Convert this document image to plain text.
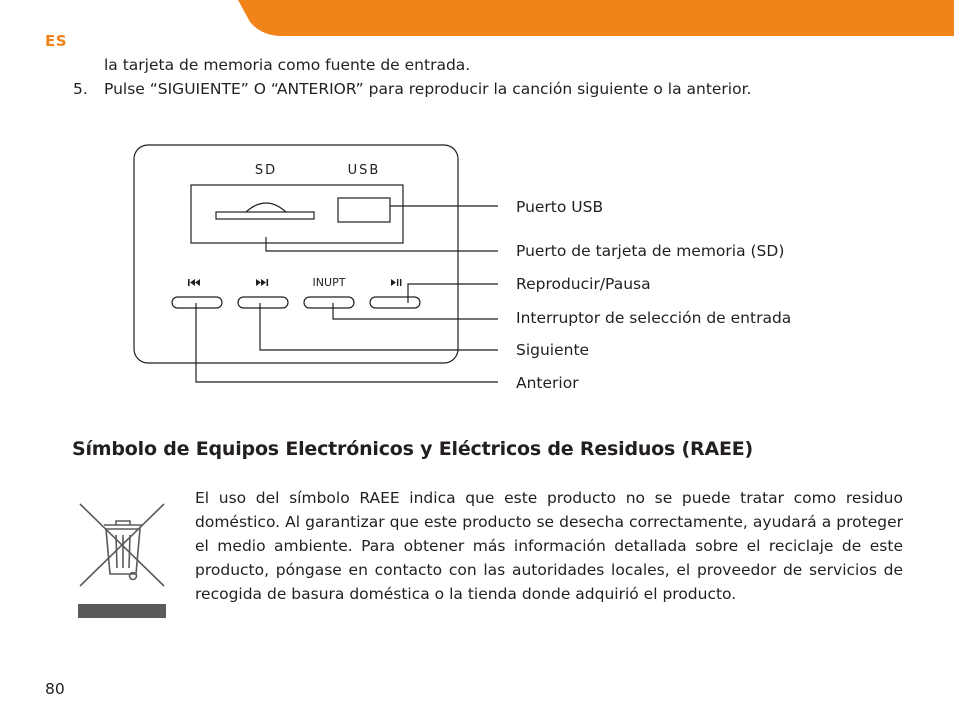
ES
la tarjeta de memoria como fuente de entrada.
5. Pulse “SIGUIENTE” O “ANTERIOR” para reproducir la canción siguiente o la anterior.
SD	USB
INUPT
Puerto USB
Puerto de tarjeta de memoria (SD)
Reproducir/Pausa
Interruptor de selección de entrada
Siguiente
Anterior
Símbolo de Equipos Electrónicos y Eléctricos de Residuos (RAEE)
El uso del símbolo RAEE indica que este producto no se puede tratar como residuo doméstico. Al garantizar que este producto se desecha correctamente, ayudará a proteger el medio ambiente. Para obtener más información detallada sobre el reciclaje de este producto, póngase en contacto con las autoridades locales, el proveedor de servicios de recogida de basura doméstica o la tienda donde adquirió el producto.
80
